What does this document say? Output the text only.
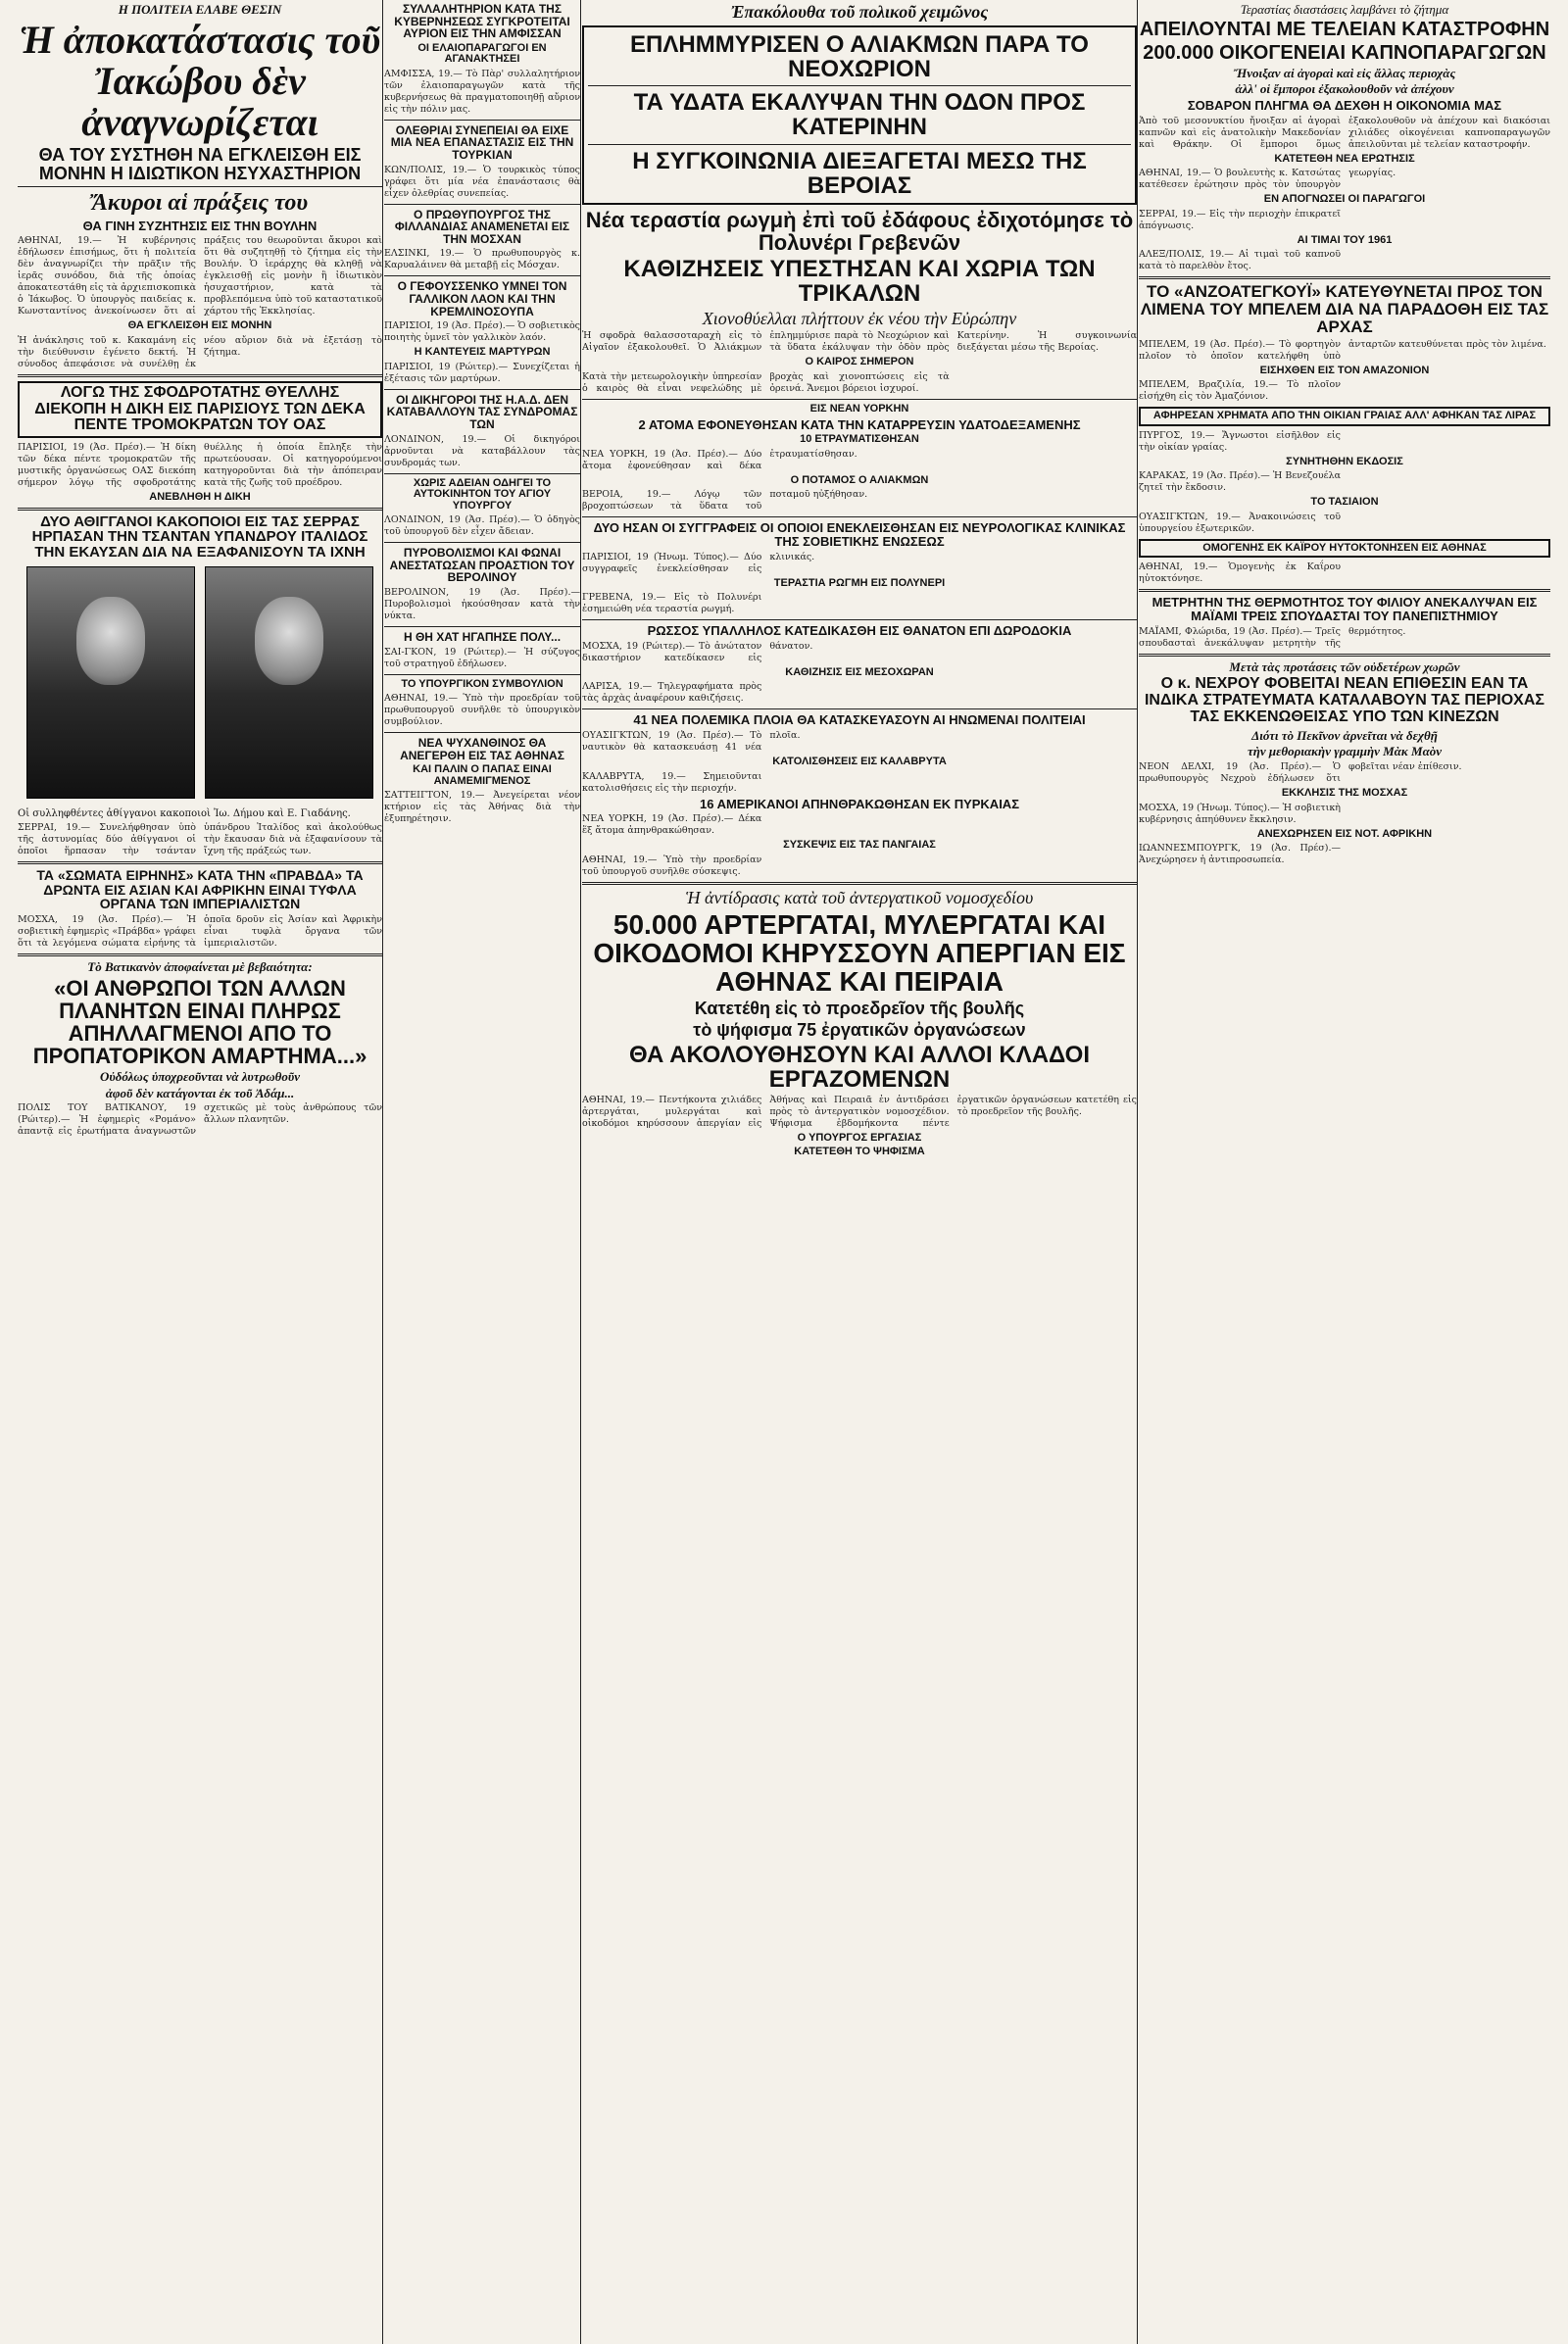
Η ΠΟΛΙΤΕΙΑ ΕΛΑΒΕ ΘΕΣΙΝ
Ἡ ἀποκατάστασις τοῦ Ἰακώβου δὲν ἀναγνωρίζεται
ΘΑ ΤΟΥ ΣΥΣΤΗΘΗ ΝΑ ΕΓΚΛΕΙΣΘΗ ΕΙΣ ΜΟΝΗΝ Η ΙΔΙΩΤΙΚΟΝ ΗΣΥΧΑΣΤΗΡΙΟΝ
Ἄκυροι αἱ πράξεις του
ΘΑ ΓΙΝΗ ΣΥΖΗΤΗΣΙΣ ΕΙΣ ΤΗΝ ΒΟΥΛΗΝ
ΑΘΗΝΑΙ, 19.— Ἡ κυβέρνησις ἐδήλωσεν ἐπισήμως, ὅτι ἡ πολιτεία δὲν ἀναγνωρίζει τὴν πρᾶξιν τῆς ἱερᾶς συνόδου, διὰ τῆς ὁποίας ἀποκατεστάθη εἰς τὰ ἀρχιεπισκοπικὰ ὁ Ἰάκωβος. Ὁ ὑπουργὸς παιδείας κ. Κωνσταντίνος ἀνεκοίνωσεν ὅτι αἱ πράξεις του θεωροῦνται ἄκυροι καὶ ὅτι θὰ συζητηθῇ τὸ ζήτημα εἰς τὴν Βουλήν. Ὁ ἱεράρχης θὰ κληθῇ νὰ ἐγκλεισθῇ εἰς μονὴν ἢ ἰδιωτικὸν ἡσυχαστήριον, κατὰ τὰ προβλεπόμενα ὑπὸ τοῦ καταστατικοῦ χάρτου τῆς Ἐκκλησίας.
ΘΑ ΕΓΚΛΕΙΣΘΗ ΕΙΣ ΜΟΝΗΝ
Ἡ ἀνάκλησις τοῦ κ. Κακαμάνη εἰς τὴν διεύθυνσιν ἐγένετο δεκτή. Ἡ σύνοδος ἀπεφάσισε νὰ συνέλθῃ ἐκ νέου αὔριον διὰ νὰ ἐξετάσῃ τὸ ζήτημα.
ΛΟΓΩ ΤΗΣ ΣΦΟΔΡΟΤΑΤΗΣ ΘΥΕΛΛΗΣ ΔΙΕΚΟΠΗ Η ΔΙΚΗ ΕΙΣ ΠΑΡΙΣΙΟΥΣ ΤΩΝ ΔΕΚΑ ΠΕΝΤΕ ΤΡΟΜΟΚΡΑΤΩΝ ΤΟΥ ΟΑΣ
ΠΑΡΙΣΙΟΙ, 19 (Ἀσ. Πρέσ).— Ἡ δίκη τῶν δέκα πέντε τρομοκρατῶν τῆς μυστικῆς ὀργανώσεως ΟΑΣ διεκόπη σήμερον λόγῳ τῆς σφοδροτάτης θυέλλης ἡ ὁποία ἔπληξε τὴν πρωτεύουσαν. Οἱ κατηγορούμενοι κατηγοροῦνται διὰ τὴν ἀπόπειραν κατὰ τῆς ζωῆς τοῦ προέδρου.
ΑΝΕΒΛΗΘΗ Η ΔΙΚΗ
ΔΥΟ ΑΘΙΓΓΑΝΟΙ ΚΑΚΟΠΟΙΟΙ ΕΙΣ ΤΑΣ ΣΕΡΡΑΣ ΗΡΠΑΣΑΝ ΤΗΝ ΤΣΑΝΤΑΝ ΥΠΑΝΔΡΟΥ ΙΤΑΛΙΔΟΣ ΤΗΝ ΕΚΑΥΣΑΝ ΔΙΑ ΝΑ ΕΞΑΦΑΝΙΣΟΥΝ ΤΑ ΙΧΝΗ

Οἱ συλληφθέντες ἀθίγγανοι κακοποιοὶ Ἰω. Δήμου καὶ Ε. Γιαδάνης.
ΣΕΡΡΑΙ, 19.— Συνελήφθησαν ὑπὸ τῆς ἀστυνομίας δύο ἀθίγγανοι οἱ ὁποῖοι ἥρπασαν τὴν τσάνταν ὑπάνδρου Ἰταλίδος καὶ ἀκολούθως τὴν ἔκαυσαν διὰ νὰ ἐξαφανίσουν τὰ ἴχνη τῆς πράξεώς των.
ΤΑ «ΣΩΜΑΤΑ ΕΙΡΗΝΗΣ» ΚΑΤΑ ΤΗΝ «ΠΡΑΒΔΑ» ΤΑ ΔΡΩΝΤΑ ΕΙΣ ΑΣΙΑΝ ΚΑΙ ΑΦΡΙΚΗΝ ΕΙΝΑΙ ΤΥΦΛΑ ΟΡΓΑΝΑ ΤΩΝ ΙΜΠΕΡΙΑΛΙΣΤΩΝ
ΜΟΣΧΑ, 19 (Ἀσ. Πρέσ).— Ἡ σοβιετικὴ ἐφημερὶς «Πράβδα» γράφει ὅτι τὰ λεγόμενα σώματα εἰρήνης τὰ ὁποῖα δροῦν εἰς Ἀσίαν καὶ Ἀφρικὴν εἶναι τυφλὰ ὄργανα τῶν ἰμπεριαλιστῶν.
Τὸ Βατικανὸν ἀποφαίνεται μὲ βεβαιότητα:
«ΟΙ ΑΝΘΡΩΠΟΙ ΤΩΝ ΑΛΛΩΝ ΠΛΑΝΗΤΩΝ ΕΙΝΑΙ ΠΛΗΡΩΣ ΑΠΗΛΛΑΓΜΕΝΟΙ ΑΠΟ ΤΟ ΠΡΟΠΑΤΟΡΙΚΟΝ ΑΜΑΡΤΗΜΑ...»
Οὐδόλως ὑποχρεοῦνται νὰ λυτρωθοῦν
ἀφοῦ δὲν κατάγονται ἐκ τοῦ Ἀδάμ...
ΠΟΛΙΣ ΤΟΥ ΒΑΤΙΚΑΝΟΥ, 19 (Ρώιτερ).— Ἡ ἐφημερὶς «Ρομάνο» ἀπαντᾷ εἰς ἐρωτήματα ἀναγνωστῶν σχετικῶς μὲ τοὺς ἀνθρώπους τῶν ἄλλων πλανητῶν.
ΣΥΛΛΑΛΗΤΗΡΙΟΝ ΚΑΤΑ ΤΗΣ ΚΥΒΕΡΝΗΣΕΩΣ ΣΥΓΚΡΟΤΕΙΤΑΙ ΑΥΡΙΟΝ ΕΙΣ ΤΗΝ ΑΜΦΙΣΣΑΝ
ΟΙ ΕΛΑΙΟΠΑΡΑΓΩΓΟΙ ΕΝ ΑΓΑΝΑΚΤΗΣΕΙ
ΑΜΦΙΣΣΑ, 19.— Τὸ Πὰρ' συλλαλητήριον τῶν ἐλαιοπαραγωγῶν κατὰ τῆς κυβερνήσεως θὰ πραγματοποιηθῇ αὔριον εἰς τὴν πόλιν μας.
ΟΛΕΘΡΙΑΙ ΣΥΝΕΠΕΙΑΙ ΘΑ ΕΙΧΕ ΜΙΑ ΝΕΑ ΕΠΑΝΑΣΤΑΣΙΣ ΕΙΣ ΤΗΝ ΤΟΥΡΚΙΑΝ
ΚΩΝ/ΠΟΛΙΣ, 19.— Ὁ τουρκικὸς τύπος γράφει ὅτι μία νέα ἐπανάστασις θὰ εἶχεν ὀλεθρίας συνεπείας.
Ο ΠΡΩΘΥΠΟΥΡΓΟΣ ΤΗΣ ΦΙΛΛΑΝΔΙΑΣ ΑΝΑΜΕΝΕΤΑΙ ΕΙΣ ΤΗΝ ΜΟΣΧΑΝ
ΕΛΣΙΝΚΙ, 19.— Ὁ πρωθυπουργὸς κ. Καρυαλάινεν θὰ μεταβῇ εἰς Μόσχαν.
Ο ΓΕΦΟΥΣΣΕΝΚΟ ΥΜΝΕΙ ΤΟΝ ΓΑΛΛΙΚΟΝ ΛΑΟΝ ΚΑΙ ΤΗΝ ΚΡΕΜΛΙΝΟΣΟΥΠΑ
ΠΑΡΙΣΙΟΙ, 19 (Ἀσ. Πρέσ).— Ὁ σοβιετικὸς ποιητὴς ὑμνεῖ τὸν γαλλικὸν λαόν.
Η ΚΑΝΤΕΥΕΙΣ ΜΑΡΤΥΡΩΝ
ΠΑΡΙΣΙΟΙ, 19 (Ρώιτερ).— Συνεχίζεται ἡ ἐξέτασις τῶν μαρτύρων.
ΟΙ ΔΙΚΗΓΟΡΟΙ ΤΗΣ Η.Α.Δ. ΔΕΝ ΚΑΤΑΒΑΛΛΟΥΝ ΤΑΣ ΣΥΝΔΡΟΜΑΣ ΤΩΝ
ΛΟΝΔΙΝΟΝ, 19.— Οἱ δικηγόροι ἀρνοῦνται νὰ καταβάλλουν τὰς συνδρομάς των.
ΧΩΡΙΣ ΑΔΕΙΑΝ ΟΔΗΓΕΙ ΤΟ ΑΥΤΟΚΙΝΗΤΟΝ ΤΟΥ ΑΓΙΟΥ ΥΠΟΥΡΓΟΥ
ΛΟΝΔΙΝΟΝ, 19 (Ἀσ. Πρέσ).— Ὁ ὁδηγὸς τοῦ ὑπουργοῦ δὲν εἶχεν ἄδειαν.
ΠΥΡΟΒΟΛΙΣΜΟΙ ΚΑΙ ΦΩΝΑΙ ΑΝΕΣΤΑΤΩΣΑΝ ΠΡΟΑΣΤΙΟΝ ΤΟΥ ΒΕΡΟΛΙΝΟΥ
ΒΕΡΟΛΙΝΟΝ, 19 (Ἀσ. Πρέσ).— Πυροβολισμοὶ ἠκούσθησαν κατὰ τὴν νύκτα.
Η ΘΗ ΧΑΤ ΗΓΑΠΗΣΕ ΠΟΛΥ...
ΣΑΙ-ΓΚΟΝ, 19 (Ρώιτερ).— Ἡ σύζυγος τοῦ στρατηγοῦ ἐδήλωσεν.
ΤΟ ΥΠΟΥΡΓΙΚΟΝ ΣΥΜΒΟΥΛΙΟΝ
ΑΘΗΝΑΙ, 19.— Ὑπὸ τὴν προεδρίαν τοῦ πρωθυπουργοῦ συνῆλθε τὸ ὑπουργικὸν συμβούλιον.
ΝΕΑ ΨΥΧΑΝΘΙΝΟΣ ΘΑ ΑΝΕΓΕΡΘΗ ΕΙΣ ΤΑΣ ΑΘΗΝΑΣ
ΚΑΙ ΠΑΛΙΝ Ο ΠΑΠΑΣ ΕΙΝΑΙ ΑΝΑΜΕΜΙΓΜΕΝΟΣ
ΣΑΤΤΕΙΓΤΟΝ, 19.— Ἀνεγείρεται νέον κτήριον εἰς τὰς Ἀθήνας διὰ τὴν ἐξυπηρέτησιν.
Ἐπακόλουθα τοῦ πολικοῦ χειμῶνος
ΕΠΛΗΜΜΥΡΙΣΕΝ Ο ΑΛΙΑΚΜΩΝ ΠΑΡΑ ΤΟ ΝΕΟΧΩΡΙΟΝ
ΤΑ ΥΔΑΤΑ ΕΚΑΛΥΨΑΝ ΤΗΝ ΟΔΟΝ ΠΡΟΣ ΚΑΤΕΡΙΝΗΝ
Η ΣΥΓΚΟΙΝΩΝΙΑ ΔΙΕΞΑΓΕΤΑΙ ΜΕΣΩ ΤΗΣ ΒΕΡΟΙΑΣ
Νέα τεραστία ρωγμὴ ἐπὶ τοῦ ἐδάφους ἐδιχοτόμησε τὸ Πολυνέρι Γρεβενῶν
ΚΑΘΙΖΗΣΕΙΣ ΥΠΕΣΤΗΣΑΝ ΚΑΙ ΧΩΡΙΑ ΤΩΝ ΤΡΙΚΑΛΩΝ
Χιονοθύελλαι πλήττουν ἐκ νέου τὴν Εὐρώπην
Ἡ σφοδρὰ θαλασσοταραχὴ εἰς τὸ Αἰγαῖον ἐξακολουθεῖ. Ὁ Ἀλιάκμων ἐπλημμύρισε παρὰ τὸ Νεοχώριον καὶ τὰ ὕδατα ἐκάλυψαν τὴν ὁδὸν πρὸς Κατερίνην. Ἡ συγκοινωνία διεξάγεται μέσω τῆς Βεροίας.
Ο ΚΑΙΡΟΣ ΣΗΜΕΡΟΝ
Κατὰ τὴν μετεωρολογικὴν ὑπηρεσίαν ὁ καιρὸς θὰ εἶναι νεφελώδης μὲ βροχὰς καὶ χιονοπτώσεις εἰς τὰ ὀρεινά. Ἄνεμοι βόρειοι ἰσχυροί.
ΕΙΣ ΝΕΑΝ ΥΟΡΚΗΝ
2 ΑΤΟΜΑ ΕΦΟΝΕΥΘΗΣΑΝ ΚΑΤΑ ΤΗΝ ΚΑΤΑΡΡΕΥΣΙΝ ΥΔΑΤΟΔΕΞΑΜΕΝΗΣ
10 ΕΤΡΑΥΜΑΤΙΣΘΗΣΑΝ
ΝΕΑ ΥΟΡΚΗ, 19 (Ἀσ. Πρέσ).— Δύο ἄτομα ἐφονεύθησαν καὶ δέκα ἐτραυματίσθησαν.
Ο ΠΟΤΑΜΟΣ Ο ΑΛΙΑΚΜΩΝ
ΒΕΡΟΙΑ, 19.— Λόγῳ τῶν βροχοπτώσεων τὰ ὕδατα τοῦ ποταμοῦ ηὐξήθησαν.
ΔΥΟ ΗΣΑΝ ΟΙ ΣΥΓΓΡΑΦΕΙΣ ΟΙ ΟΠΟΙΟΙ ΕΝΕΚΛΕΙΣΘΗΣΑΝ ΕΙΣ ΝΕΥΡΟΛΟΓΙΚΑΣ ΚΛΙΝΙΚΑΣ ΤΗΣ ΣΟΒΙΕΤΙΚΗΣ ΕΝΩΣΕΩΣ
ΠΑΡΙΣΙΟΙ, 19 (Ἡνωμ. Τύπος).— Δύο συγγραφεῖς ἐνεκλείσθησαν εἰς κλινικάς.
ΤΕΡΑΣΤΙΑ ΡΩΓΜΗ ΕΙΣ ΠΟΛΥΝΕΡΙ
ΓΡΕΒΕΝΑ, 19.— Εἰς τὸ Πολυνέρι ἐσημειώθη νέα τεραστία ρωγμή.
ΡΩΣΣΟΣ ΥΠΑΛΛΗΛΟΣ ΚΑΤΕΔΙΚΑΣΘΗ ΕΙΣ ΘΑΝΑΤΟΝ ΕΠΙ ΔΩΡΟΔΟΚΙΑ
ΜΟΣΧΑ, 19 (Ρώιτερ).— Τὸ ἀνώτατον δικαστήριον κατεδίκασεν εἰς θάνατον.
ΚΑΘΙΖΗΣΙΣ ΕΙΣ ΜΕΣΟΧΩΡΑΝ
ΛΑΡΙΣΑ, 19.— Τηλεγραφήματα πρὸς τὰς ἀρχὰς ἀναφέρουν καθιζήσεις.
41 ΝΕΑ ΠΟΛΕΜΙΚΑ ΠΛΟΙΑ ΘΑ ΚΑΤΑΣΚΕΥΑΣΟΥΝ ΑΙ ΗΝΩΜΕΝΑΙ ΠΟΛΙΤΕΙΑΙ
ΟΥΑΣΙΓΚΤΩΝ, 19 (Ἀσ. Πρέσ).— Τὸ ναυτικὸν θὰ κατασκευάσῃ 41 νέα πλοῖα.
ΚΑΤΟΛΙΣΘΗΣΕΙΣ ΕΙΣ ΚΑΛΑΒΡΥΤΑ
ΚΑΛΑΒΡΥΤΑ, 19.— Σημειοῦνται κατολισθήσεις εἰς τὴν περιοχήν.
16 ΑΜΕΡΙΚΑΝΟΙ ΑΠΗΝΘΡΑΚΩΘΗΣΑΝ ΕΚ ΠΥΡΚΑΙΑΣ
ΝΕΑ ΥΟΡΚΗ, 19 (Ἀσ. Πρέσ).— Δέκα ἕξ ἄτομα ἀπηνθρακώθησαν.
ΣΥΣΚΕΨΙΣ ΕΙΣ ΤΑΣ ΠΑΝΓΑΙΑΣ
ΑΘΗΝΑΙ, 19.— Ὑπὸ τὴν προεδρίαν τοῦ ὑπουργοῦ συνῆλθε σύσκεψις.
Ἡ ἀντίδρασις κατὰ τοῦ ἀντεργατικοῦ νομοσχεδίου
50.000 ΑΡΤΕΡΓΑΤΑΙ, ΜΥΛΕΡΓΑΤΑΙ ΚΑΙ ΟΙΚΟΔΟΜΟΙ ΚΗΡΥΣΣΟΥΝ ΑΠΕΡΓΙΑΝ ΕΙΣ ΑΘΗΝΑΣ ΚΑΙ ΠΕΙΡΑΙΑ
Κατετέθη εἰς τὸ προεδρεῖον τῆς βουλῆς
τὸ ψήφισμα 75 ἐργατικῶν ὀργανώσεων
ΘΑ ΑΚΟΛΟΥΘΗΣΟΥΝ ΚΑΙ ΑΛΛΟΙ ΚΛΑΔΟΙ ΕΡΓΑΖΟΜΕΝΩΝ
ΑΘΗΝΑΙ, 19.— Πεντήκοντα χιλιάδες ἀρτεργάται, μυλεργάται καὶ οἰκοδόμοι κηρύσσουν ἀπεργίαν εἰς Ἀθήνας καὶ Πειραιᾶ ἐν ἀντιδράσει πρὸς τὸ ἀντεργατικὸν νομοσχέδιον. Ψήφισμα ἑβδομήκοντα πέντε ἐργατικῶν ὀργανώσεων κατετέθη εἰς τὸ προεδρεῖον τῆς βουλῆς.
Ο ΥΠΟΥΡΓΟΣ ΕΡΓΑΣΙΑΣ
ΚΑΤΕΤΕΘΗ ΤΟ ΨΗΦΙΣΜΑ
Τεραστίας διαστάσεις λαμβάνει τὸ ζήτημα
ΑΠΕΙΛΟΥΝΤΑΙ ΜΕ ΤΕΛΕΙΑΝ ΚΑΤΑΣΤΡΟΦΗΝ
200.000 ΟΙΚΟΓΕΝΕΙΑΙ ΚΑΠΝΟΠΑΡΑΓΩΓΩΝ
Ἤνοιξαν αἱ ἀγοραὶ καὶ εἰς ἄλλας περιοχὰς
ἀλλ' οἱ ἔμποροι ἐξακολουθοῦν νὰ ἀπέχουν
ΣΟΒΑΡΟΝ ΠΛΗΓΜΑ ΘΑ ΔΕΧΘΗ Η ΟΙΚΟΝΟΜΙΑ ΜΑΣ
Ἀπὸ τοῦ μεσονυκτίου ἤνοιξαν αἱ ἀγοραὶ καπνῶν καὶ εἰς ἀνατολικὴν Μακεδονίαν καὶ Θράκην. Οἱ ἔμποροι ὅμως ἐξακολουθοῦν νὰ ἀπέχουν καὶ διακόσιαι χιλιάδες οἰκογένειαι καπνοπαραγωγῶν ἀπειλοῦνται μὲ τελείαν καταστροφήν.
ΚΑΤΕΤΕΘΗ ΝΕΑ ΕΡΩΤΗΣΙΣ
ΑΘΗΝΑΙ, 19.— Ὁ βουλευτὴς κ. Κατσώτας κατέθεσεν ἐρώτησιν πρὸς τὸν ὑπουργὸν γεωργίας.
ΕΝ ΑΠΟΓΝΩΣΕΙ ΟΙ ΠΑΡΑΓΩΓΟΙ
ΣΕΡΡΑΙ, 19.— Εἰς τὴν περιοχὴν ἐπικρατεῖ ἀπόγνωσις.
ΑΙ ΤΙΜΑΙ ΤΟΥ 1961
ΑΛΕΞ/ΠΟΛΙΣ, 19.— Αἱ τιμαὶ τοῦ καπνοῦ κατὰ τὸ παρελθὸν ἔτος.
ΤΟ «ΑΝΖΟΑΤΕΓΚΟΥΪ» ΚΑΤΕΥΘΥΝΕΤΑΙ ΠΡΟΣ ΤΟΝ ΛΙΜΕΝΑ ΤΟΥ ΜΠΕΛΕΜ ΔΙΑ ΝΑ ΠΑΡΑΔΟΘΗ ΕΙΣ ΤΑΣ ΑΡΧΑΣ
ΜΠΕΛΕΜ, 19 (Ἀσ. Πρέσ).— Τὸ φορτηγὸν πλοῖον τὸ ὁποῖον κατελήφθη ὑπὸ ἀνταρτῶν κατευθύνεται πρὸς τὸν λιμένα.
ΕΙΣΗΧΘΕΝ ΕΙΣ ΤΟΝ ΑΜΑΖΟΝΙΟΝ
ΜΠΕΛΕΜ, Βραζιλία, 19.— Τὸ πλοῖον εἰσήχθη εἰς τὸν Ἀμαζόνιον.
ΑΦΗΡΕΣΑΝ ΧΡΗΜΑΤΑ ΑΠΟ ΤΗΝ ΟΙΚΙΑΝ ΓΡΑΙΑΣ ΑΛΛ' ΑΦΗΚΑΝ ΤΑΣ ΛΙΡΑΣ
ΠΥΡΓΟΣ, 19.— Ἄγνωστοι εἰσῆλθον εἰς τὴν οἰκίαν γραίας.
ΣΥΝΗΤΗΘΗΝ ΕΚΔΟΣΙΣ
ΚΑΡΑΚΑΣ, 19 (Ἀσ. Πρέσ).— Ἡ Βενεζουέλα ζητεῖ τὴν ἔκδοσιν.
ΤΟ ΤΑΣΙΑΙΟΝ
ΟΥΑΣΙΓΚΤΩΝ, 19.— Ἀνακοινώσεις τοῦ ὑπουργείου ἐξωτερικῶν.
ΟΜΟΓΕΝΗΣ ΕΚ ΚΑΪΡΟΥ ΗΥΤΟΚΤΟΝΗΣΕΝ ΕΙΣ ΑΘΗΝΑΣ
ΑΘΗΝΑΙ, 19.— Ὁμογενὴς ἐκ Καΐρου ηὐτοκτόνησε.
ΜΕΤΡΗΤΗΝ ΤΗΣ ΘΕΡΜΟΤΗΤΟΣ ΤΟΥ ΦΙΛΙΟΥ ΑΝΕΚΑΛΥΨΑΝ ΕΙΣ ΜΑΪΑΜΙ ΤΡΕΙΣ ΣΠΟΥΔΑΣΤΑΙ ΤΟΥ ΠΑΝΕΠΙΣΤΗΜΙΟΥ
ΜΑΪΑΜΙ, Φλώριδα, 19 (Ἀσ. Πρέσ).— Τρεῖς σπουδασταὶ ἀνεκάλυψαν μετρητὴν τῆς θερμότητος.
Μετὰ τὰς προτάσεις τῶν οὐδετέρων χωρῶν
Ο κ. ΝΕΧΡΟΥ ΦΟΒΕΙΤΑΙ ΝΕΑΝ ΕΠΙΘΕΣΙΝ ΕΑΝ ΤΑ ΙΝΔΙΚΑ ΣΤΡΑΤΕΥΜΑΤΑ ΚΑΤΑΛΑΒΟΥΝ ΤΑΣ ΠΕΡΙΟΧΑΣ ΤΑΣ ΕΚΚΕΝΩΘΕΙΣΑΣ ΥΠΟ ΤΩΝ ΚΙΝΕΖΩΝ
Διότι τὸ Πεκῖνον ἀρνεῖται νὰ δεχθῇ
τὴν μεθοριακὴν γραμμὴν Μὰκ Μαὸν
ΝΕΟΝ ΔΕΛΧΙ, 19 (Ἀσ. Πρέσ).— Ὁ πρωθυπουργὸς Νεχροὺ ἐδήλωσεν ὅτι φοβεῖται νέαν ἐπίθεσιν.
ΕΚΚΛΗΣΙΣ ΤΗΣ ΜΟΣΧΑΣ
ΜΟΣΧΑ, 19 (Ἡνωμ. Τύπος).— Ἡ σοβιετικὴ κυβέρνησις ἀπηύθυνεν ἔκκλησιν.
ΑΝΕΧΩΡΗΣΕΝ ΕΙΣ ΝΟΤ. ΑΦΡΙΚΗΝ
ΙΩΑΝΝΕΣΜΠΟΥΡΓΚ, 19 (Ἀσ. Πρέσ).— Ἀνεχώρησεν ἡ ἀντιπροσωπεία.
